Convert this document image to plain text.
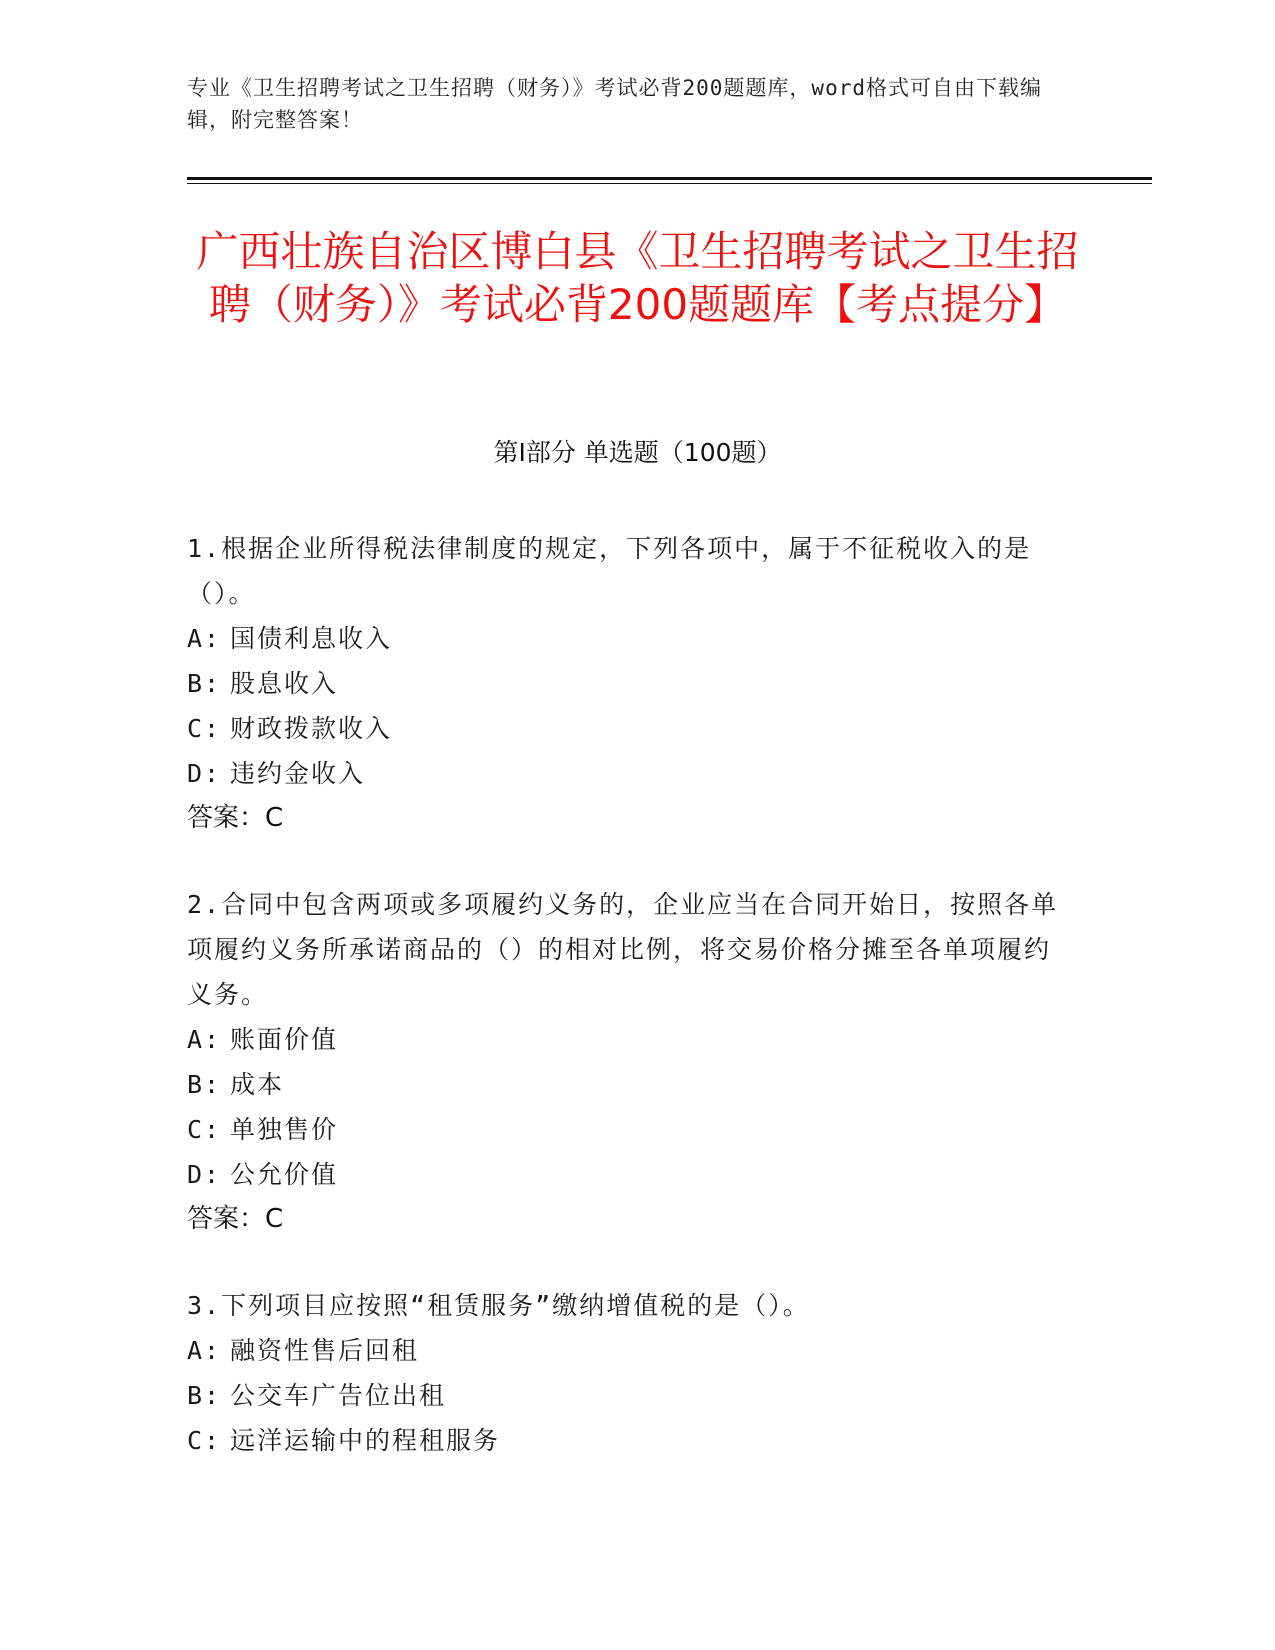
专业《卫生招聘考试之卫生招聘（财务）》考试必背200题题库，word格式可自由下载编辑，附完整答案！
广西壮族自治区博白县《卫生招聘考试之卫生招聘（财务）》考试必背200题题库【考点提分】
第Ⅰ部分 单选题（100题）
1.根据企业所得税法律制度的规定，下列各项中，属于不征税收入的是（）。
A: 国债利息收入
B: 股息收入
C: 财政拨款收入
D: 违约金收入
答案：C
2.合同中包含两项或多项履约义务的，企业应当在合同开始日，按照各单项履约义务所承诺商品的（）的相对比例，将交易价格分摊至各单项履约义务。
A: 账面价值
B: 成本
C: 单独售价
D: 公允价值
答案：C
3.下列项目应按照“租赁服务”缴纳增值税的是（）。
A: 融资性售后回租
B: 公交车广告位出租
C: 远洋运输中的程租服务
